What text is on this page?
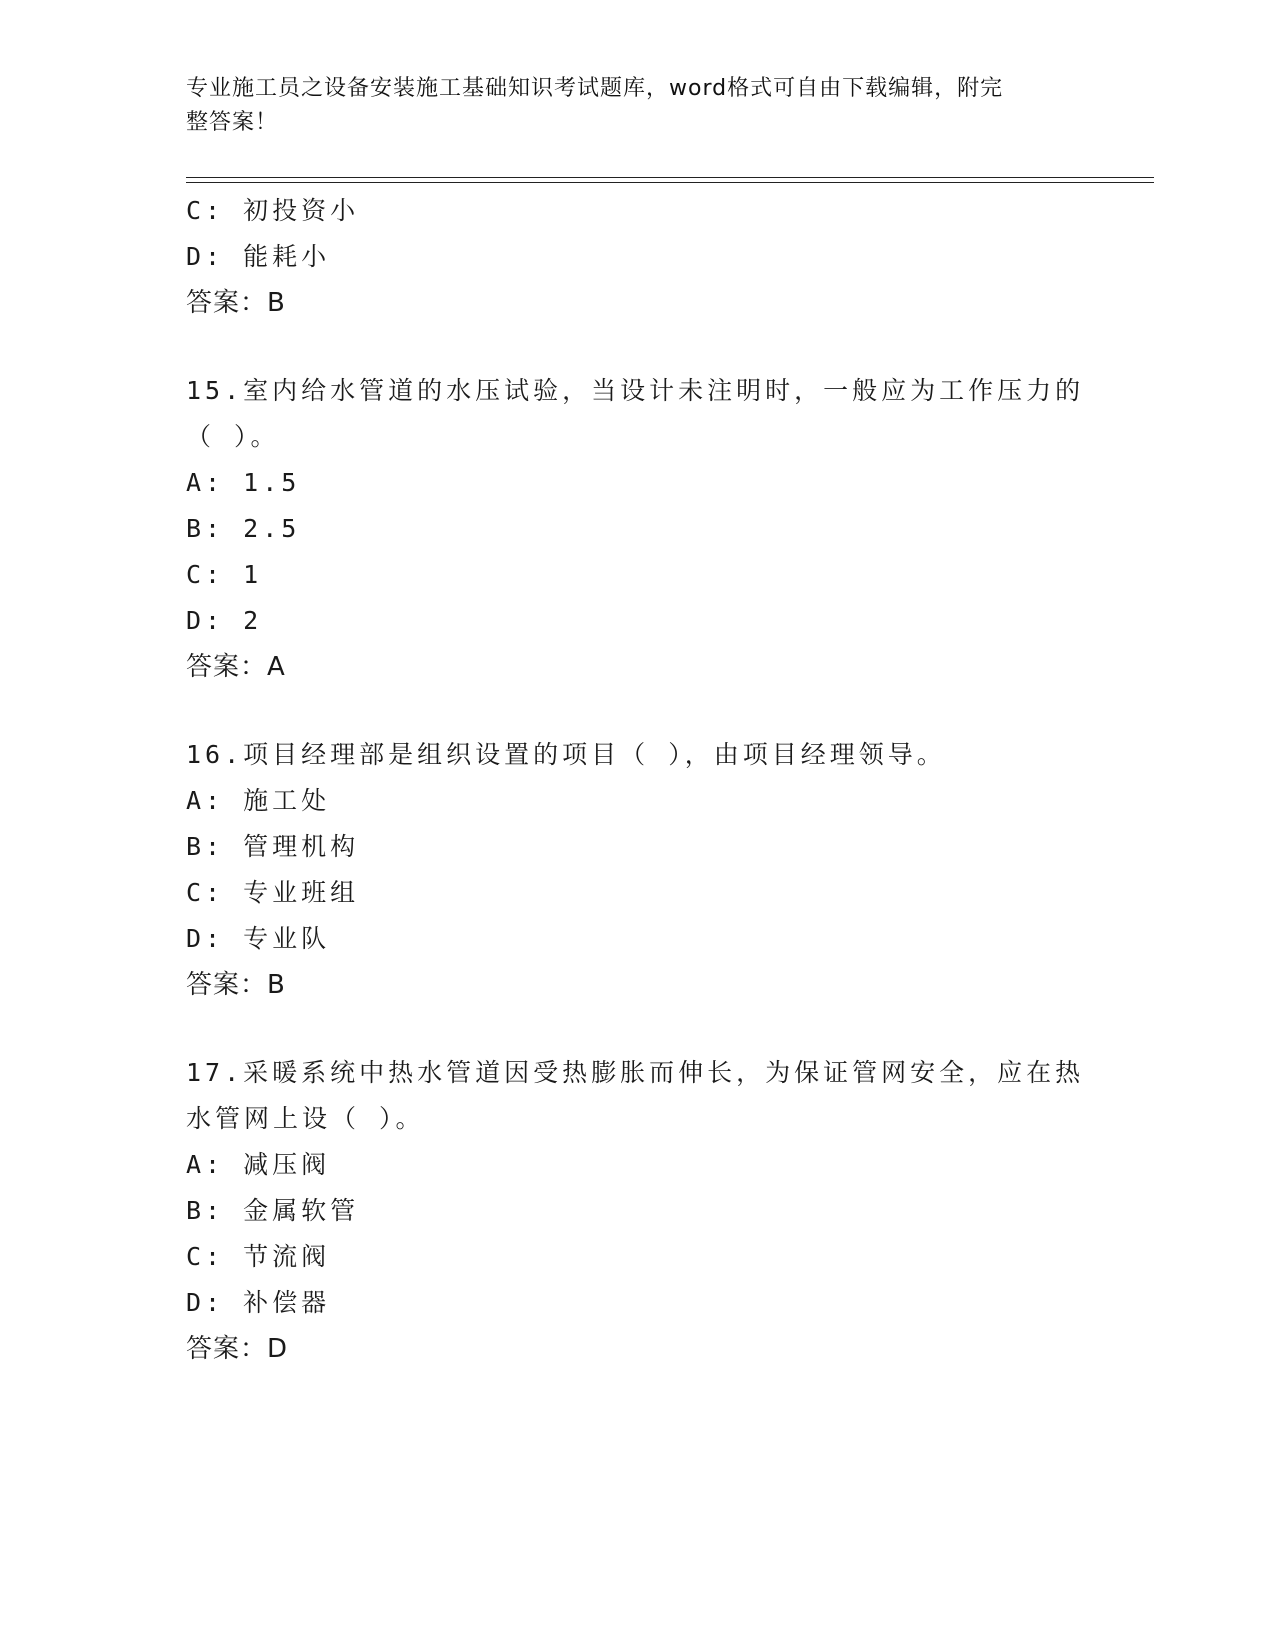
专业施工员之设备安装施工基础知识考试题库，word格式可自由下载编辑，附完
整答案！
C: 初投资小
D: 能耗小
答案：B
15.室内给水管道的水压试验，当设计未注明时，一般应为工作压力的
（ ）。
A: 1.5
B: 2.5
C: 1
D: 2
答案：A
16.项目经理部是组织设置的项目（ ），由项目经理领导。
A: 施工处
B: 管理机构
C: 专业班组
D: 专业队
答案：B
17.采暖系统中热水管道因受热膨胀而伸长，为保证管网安全，应在热
水管网上设（ ）。
A: 减压阀
B: 金属软管
C: 节流阀
D: 补偿器
答案：D
